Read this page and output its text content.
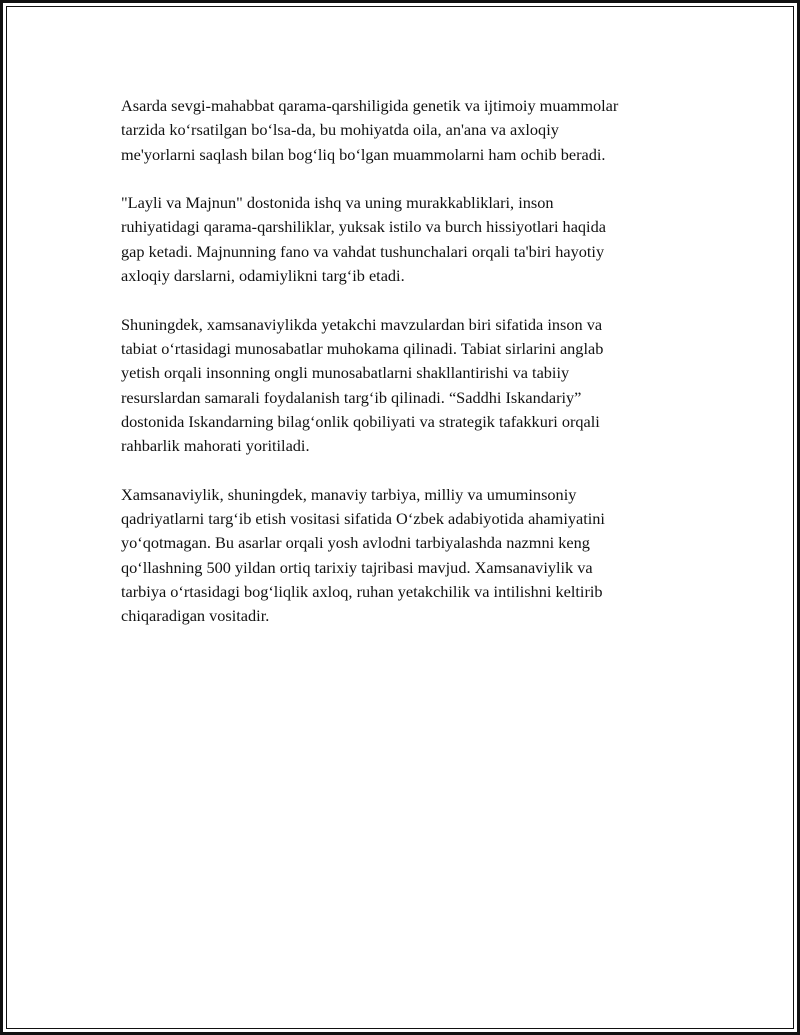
Asarda sevgi-mahabbat qarama-qarshiligida genetik va ijtimoiy muammolar
tarzida ko‘rsatilgan bo‘lsa-da, bu mohiyatda oila, an'ana va axloqiy
me'yorlarni saqlash bilan bog‘liq bo‘lgan muammolarni ham ochib beradi.

"Layli va Majnun" dostonida ishq va uning murakkabliklari, inson
ruhiyatidagi qarama-qarshiliklar, yuksak istilo va burch hissiyotlari haqida
gap ketadi. Majnunning fano va vahdat tushunchalari orqali ta'biri hayotiy
axloqiy darslarni, odamiylikni targ‘ib etadi.

Shuningdek, xamsanaviylikda yetakchi mavzulardan biri sifatida inson va
tabiat o‘rtasidagi munosabatlar muhokama qilinadi. Tabiat sirlarini anglab
yetish orqali insonning ongli munosabatlarni shakllantirishi va tabiiy
resurslardan samarali foydalanish targ‘ib qilinadi. “Saddhi Iskandariy”
dostonida Iskandarning bilag‘onlik qobiliyati va strategik tafakkuri orqali
rahbarlik mahorati yoritiladi.

Xamsanaviylik, shuningdek, manaviy tarbiya, milliy va umuminsoniy
qadriyatlarni targ‘ib etish vositasi sifatida O‘zbek adabiyotida ahamiyatini
yo‘qotmagan. Bu asarlar orqali yosh avlodni tarbiyalashda nazmni keng
qo‘llashning 500 yildan ortiq tarixiy tajribasi mavjud. Xamsanaviylik va
tarbiya o‘rtasidagi bog‘liqlik axloq, ruhan yetakchilik va intilishni keltirib
chiqaradigan vositadir.
